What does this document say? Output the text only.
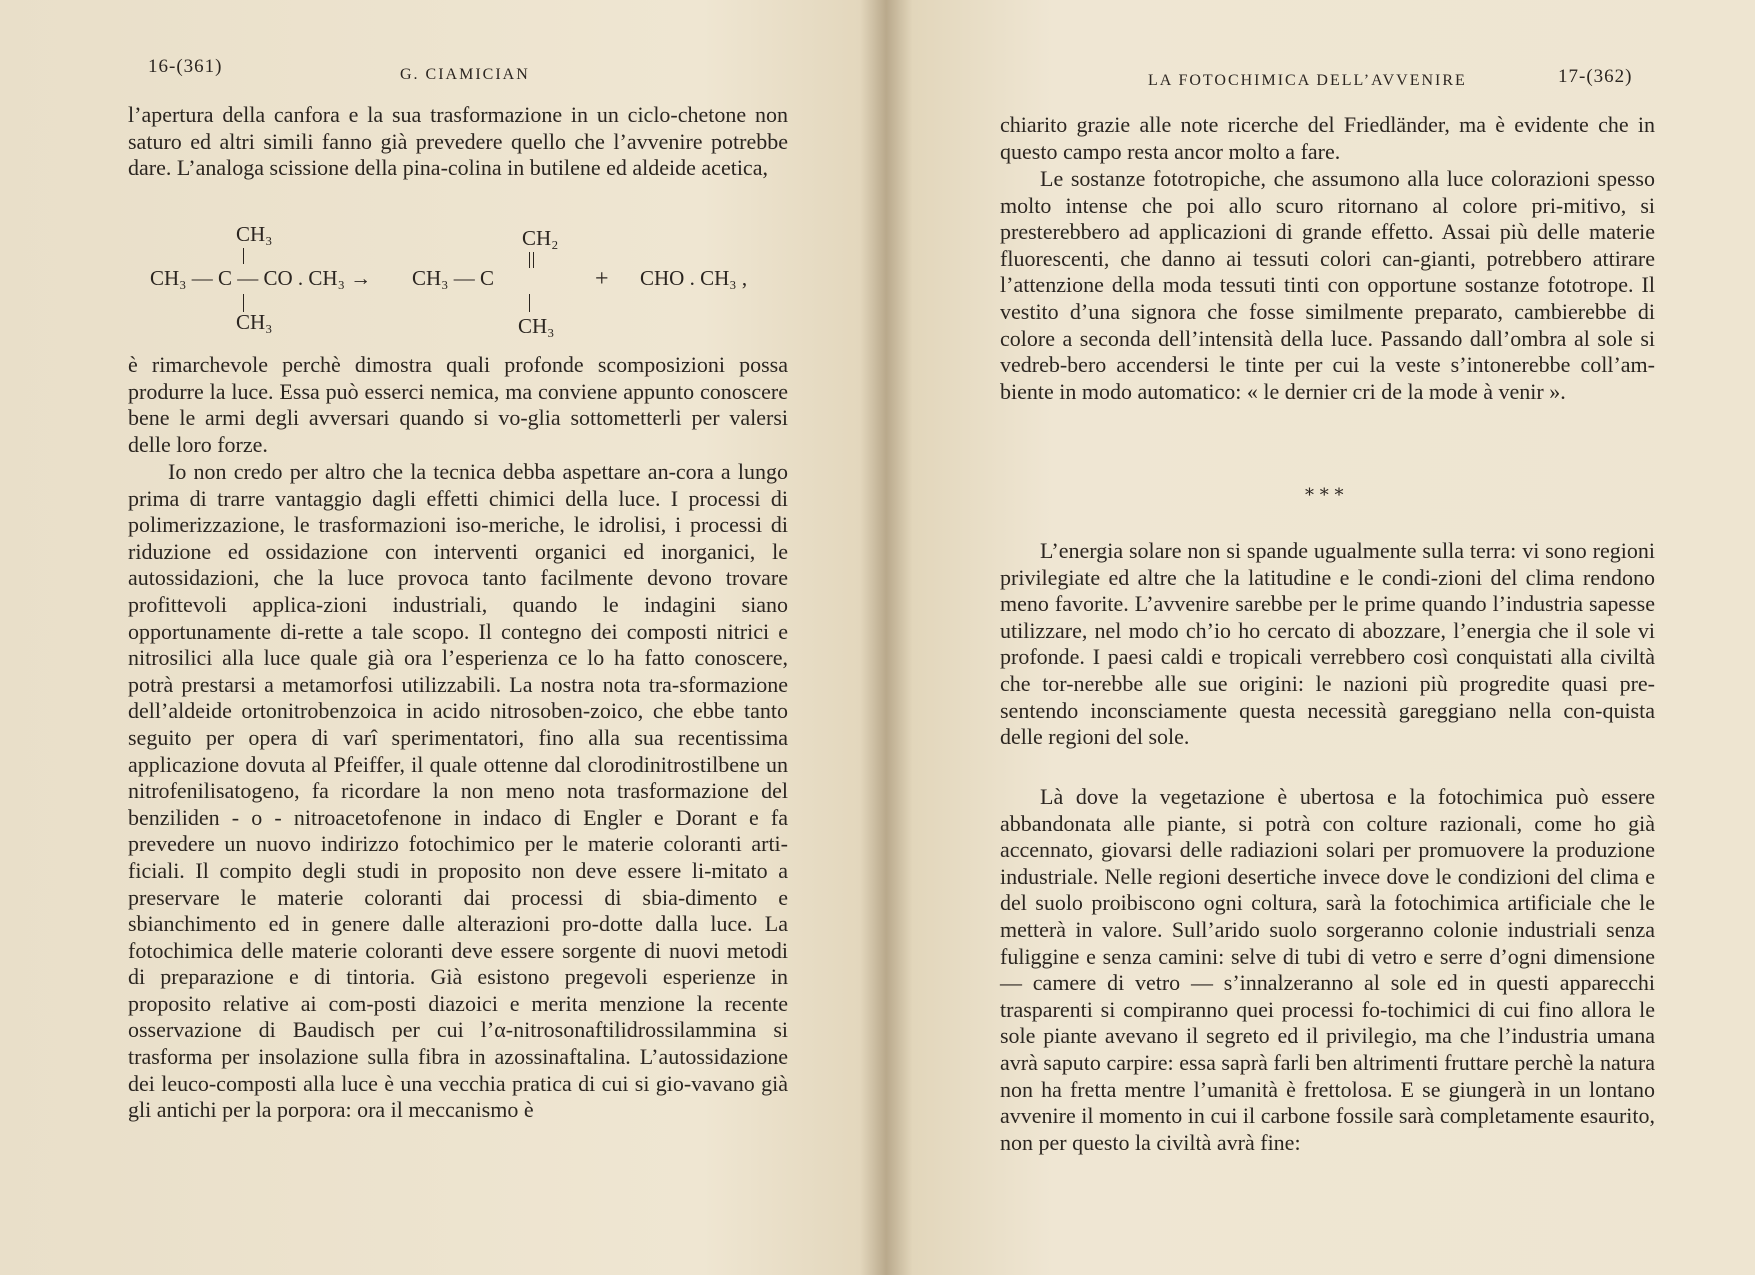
16-(361)	G. CIAMICIAN

l’apertura della canfora e la sua trasformazione in un ciclo-chetone non saturo ed altri simili fanno già prevedere quello che l’avvenire potrebbe dare. L’analoga scissione della pina-colina in butilene ed aldeide acetica,

CH₃	CH₂
CH₃ — C — CO . CH₃ → CH₃ — C	+ CHO . CH₃ ,
CH₃	CH₃

è rimarchevole perchè dimostra quali profonde scomposizioni possa produrre la luce. Essa può esserci nemica, ma conviene appunto conoscere bene le armi degli avversari quando si vo-glia sottometterli per valersi delle loro forze.

Io non credo per altro che la tecnica debba aspettare an-cora a lungo prima di trarre vantaggio dagli effetti chimici della luce. I processi di polimerizzazione, le trasformazioni iso-meriche, le idrolisi, i processi di riduzione ed ossidazione con interventi organici ed inorganici, le autossidazioni, che la luce provoca tanto facilmente devono trovare profittevoli applica-zioni industriali, quando le indagini siano opportunamente di-rette a tale scopo. Il contegno dei composti nitrici e nitrosilici alla luce quale già ora l’esperienza ce lo ha fatto conoscere, potrà prestarsi a metamorfosi utilizzabili. La nostra nota tra-sformazione dell’aldeide ortonitrobenzoica in acido nitrosoben-zoico, che ebbe tanto seguito per opera di varî sperimentatori, fino alla sua recentissima applicazione dovuta al Pfeiffer, il quale ottenne dal clorodinitrostilbene un nitrofenilisatogeno, fa ricordare la non meno nota trasformazione del benziliden - o - nitroacetofenone in indaco di Engler e Dorant e fa prevedere un nuovo indirizzo fotochimico per le materie coloranti arti-ficiali. Il compito degli studi in proposito non deve essere li-mitato a preservare le materie coloranti dai processi di sbia-dimento e sbianchimento ed in genere dalle alterazioni pro-dotte dalla luce. La fotochimica delle materie coloranti deve essere sorgente di nuovi metodi di preparazione e di tintoria. Già esistono pregevoli esperienze in proposito relative ai com-posti diazoici e merita menzione la recente osservazione di Baudisch per cui l’α-nitrosonaftilidrossilammina si trasforma per insolazione sulla fibra in azossinaftalina. L’autossidazione dei leuco-composti alla luce è una vecchia pratica di cui si gio-vavano già gli antichi per la porpora: ora il meccanismo è

LA FOTOCHIMICA DELL’AVVENIRE	17-(362)

chiarito grazie alle note ricerche del Friedländer, ma è evidente che in questo campo resta ancor molto a fare.

Le sostanze fototropiche, che assumono alla luce colorazioni spesso molto intense che poi allo scuro ritornano al colore pri-mitivo, si presterebbero ad applicazioni di grande effetto. Assai più delle materie fluorescenti, che danno ai tessuti colori can-gianti, potrebbero attirare l’attenzione della moda tessuti tinti con opportune sostanze fototrope. Il vestito d’una signora che fosse similmente preparato, cambierebbe di colore a seconda dell’intensità della luce. Passando dall’ombra al sole si vedreb-bero accendersi le tinte per cui la veste s’intonerebbe coll’am-biente in modo automatico: « le dernier cri de la mode à venir ».

* * *

L’energia solare non si spande ugualmente sulla terra: vi sono regioni privilegiate ed altre che la latitudine e le condi-zioni del clima rendono meno favorite. L’avvenire sarebbe per le prime quando l’industria sapesse utilizzare, nel modo ch’io ho cercato di abozzare, l’energia che il sole vi profonde. I paesi caldi e tropicali verrebbero così conquistati alla civiltà che tor-nerebbe alle sue origini: le nazioni più progredite quasi pre-sentendo inconsciamente questa necessità gareggiano nella con-quista delle regioni del sole.

Là dove la vegetazione è ubertosa e la fotochimica può essere abbandonata alle piante, si potrà con colture razionali, come ho già accennato, giovarsi delle radiazioni solari per promuovere la produzione industriale. Nelle regioni desertiche invece dove le condizioni del clima e del suolo proibiscono ogni coltura, sarà la fotochimica artificiale che le metterà in valore. Sull’arido suolo sorgeranno colonie industriali senza fuliggine e senza camini: selve di tubi di vetro e serre d’ogni dimensione — camere di vetro — s’innalzeranno al sole ed in questi apparecchi trasparenti si compiranno quei processi fo-tochimici di cui fino allora le sole piante avevano il segreto ed il privilegio, ma che l’industria umana avrà saputo carpire: essa saprà farli ben altrimenti fruttare perchè la natura non ha fretta mentre l’umanità è frettolosa. E se giungerà in un lontano avvenire il momento in cui il carbone fossile sarà completamente esaurito, non per questo la civiltà avrà fine:
